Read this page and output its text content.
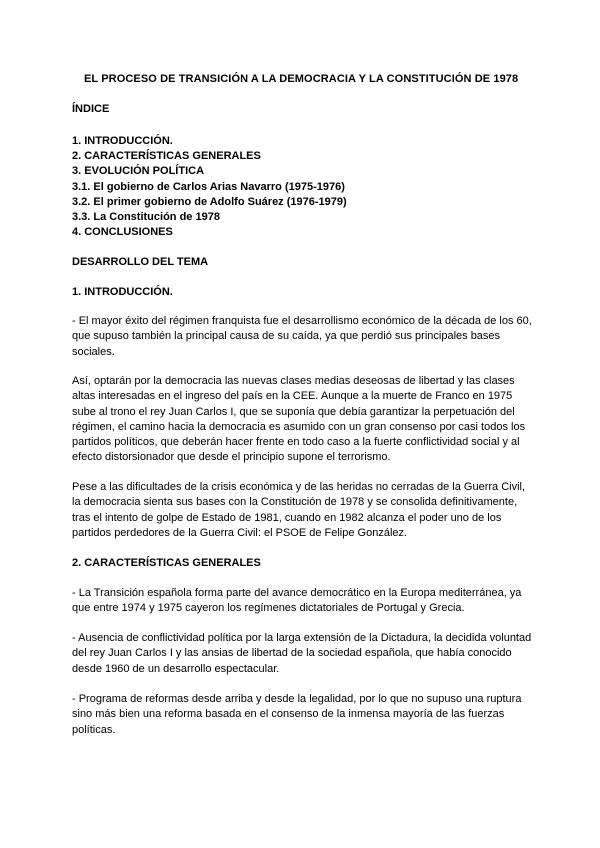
EL PROCESO DE TRANSICIÓN A LA DEMOCRACIA Y LA CONSTITUCIÓN DE 1978
ÍNDICE
1. INTRODUCCIÓN.
2. CARACTERÍSTICAS GENERALES
3. EVOLUCIÓN POLÍTICA
3.1. El gobierno de Carlos Arias Navarro (1975-1976)
3.2. El primer gobierno de Adolfo Suárez (1976-1979)
3.3. La Constitución de 1978
4. CONCLUSIONES
DESARROLLO DEL TEMA
1. INTRODUCCIÓN.

- El mayor éxito del régimen franquista fue el desarrollismo económico de la década de los 60, que supuso también la principal causa de su caída, ya que perdió sus principales bases sociales.

Así, optarán por la democracia las nuevas clases medias deseosas de libertad y las clases altas interesadas en el ingreso del país en la CEE. Aunque a la muerte de Franco en 1975 sube al trono el rey Juan Carlos I, que se suponía que debía garantizar la perpetuación del régimen, el camino hacia la democracia es asumido con un gran consenso por casi todos los partidos políticos, que deberán hacer frente en todo caso a la fuerte conflictividad social y al efecto distorsionador que desde el principio supone el terrorismo.

Pese a las dificultades de la crisis económica y de las heridas no cerradas de la Guerra Civil, la democracia sienta sus bases con la Constitución de 1978 y se consolida definitivamente, tras el intento de golpe de Estado de 1981, cuando en 1982 alcanza el poder uno de los partidos perdedores de la Guerra Civil: el PSOE de Felipe González.

2. CARACTERÍSTICAS GENERALES

- La Transición española forma parte del avance democrático en la Europa mediterránea, ya que entre 1974 y 1975 cayeron los regímenes dictatoriales de Portugal y Grecia.

- Ausencia de conflictividad política por la larga extensión de la Dictadura, la decidida voluntad del rey Juan Carlos I y las ansias de libertad de la sociedad española, que había conocido desde 1960 de un desarrollo espectacular.

- Programa de reformas desde arriba y desde la legalidad, por lo que no supuso una ruptura sino más bien una reforma basada en el consenso de la inmensa mayoría de las fuerzas políticas.
